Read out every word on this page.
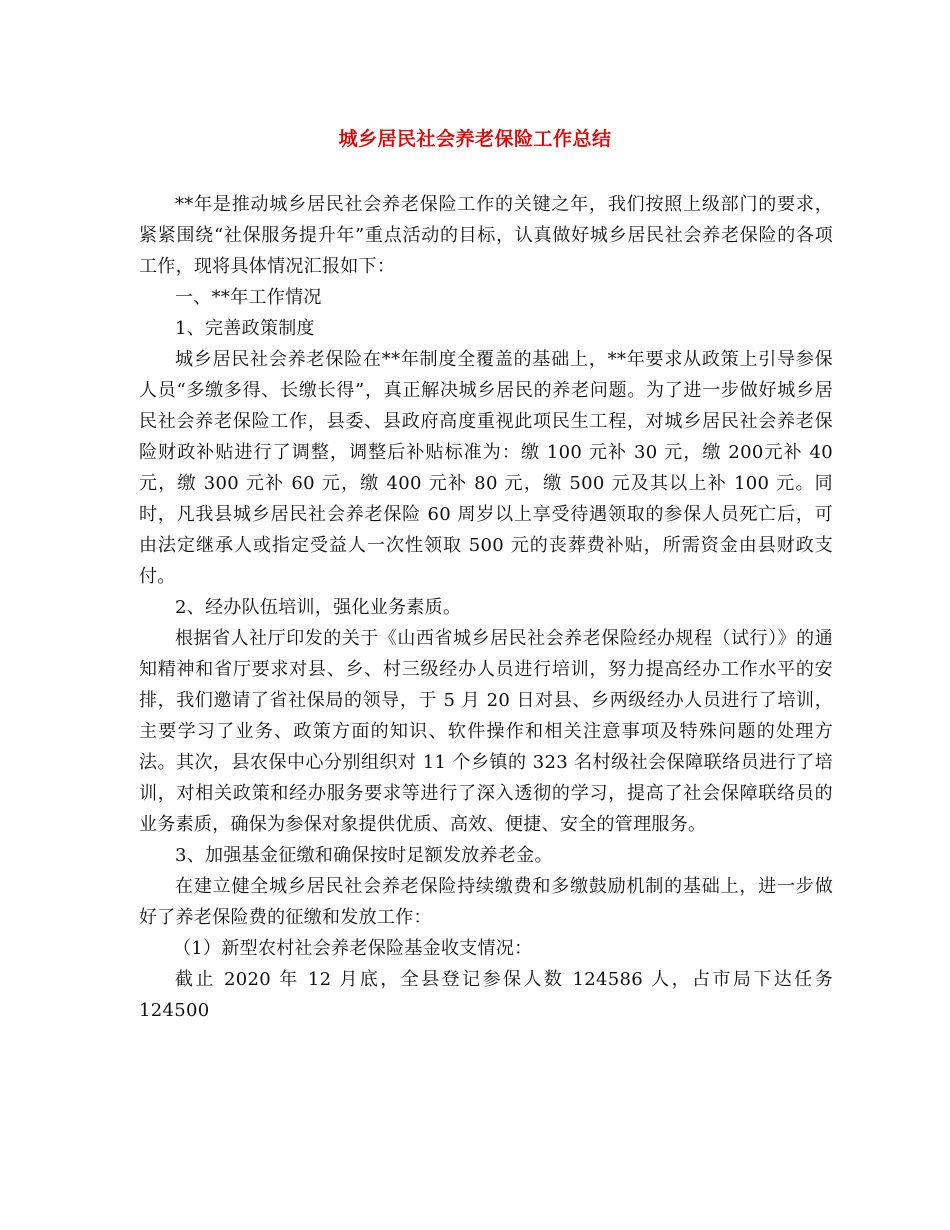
城乡居民社会养老保险工作总结

**年是推动城乡居民社会养老保险工作的关键之年，我们按照上级部门的要求，紧紧围绕“社保服务提升年”重点活动的目标，认真做好城乡居民社会养老保险的各项工作，现将具体情况汇报如下：

一、**年工作情况

1、完善政策制度

城乡居民社会养老保险在**年制度全覆盖的基础上，**年要求从政策上引导参保人员“多缴多得、长缴长得”，真正解决城乡居民的养老问题。为了进一步做好城乡居民社会养老保险工作，县委、县政府高度重视此项民生工程，对城乡居民社会养老保险财政补贴进行了调整，调整后补贴标准为：缴 100 元补 30 元，缴 200元补 40 元，缴 300 元补 60 元，缴 400 元补 80 元，缴 500 元及其以上补 100 元。同时，凡我县城乡居民社会养老保险 60 周岁以上享受待遇领取的参保人员死亡后，可由法定继承人或指定受益人一次性领取 500 元的丧葬费补贴，所需资金由县财政支付。

2、经办队伍培训，强化业务素质。

根据省人社厅印发的关于《山西省城乡居民社会养老保险经办规程（试行）》的通知精神和省厅要求对县、乡、村三级经办人员进行培训，努力提高经办工作水平的安排，我们邀请了省社保局的领导，于 5 月 20 日对县、乡两级经办人员进行了培训，主要学习了业务、政策方面的知识、软件操作和相关注意事项及特殊问题的处理方法。其次，县农保中心分别组织对 11 个乡镇的 323 名村级社会保障联络员进行了培训，对相关政策和经办服务要求等进行了深入透彻的学习，提高了社会保障联络员的业务素质，确保为参保对象提供优质、高效、便捷、安全的管理服务。

3、加强基金征缴和确保按时足额发放养老金。

在建立健全城乡居民社会养老保险持续缴费和多缴鼓励机制的基础上，进一步做好了养老保险费的征缴和发放工作：

（1）新型农村社会养老保险基金收支情况：

截止 2020 年 12 月底，全县登记参保人数 124586 人，占市局下达任务 124500
